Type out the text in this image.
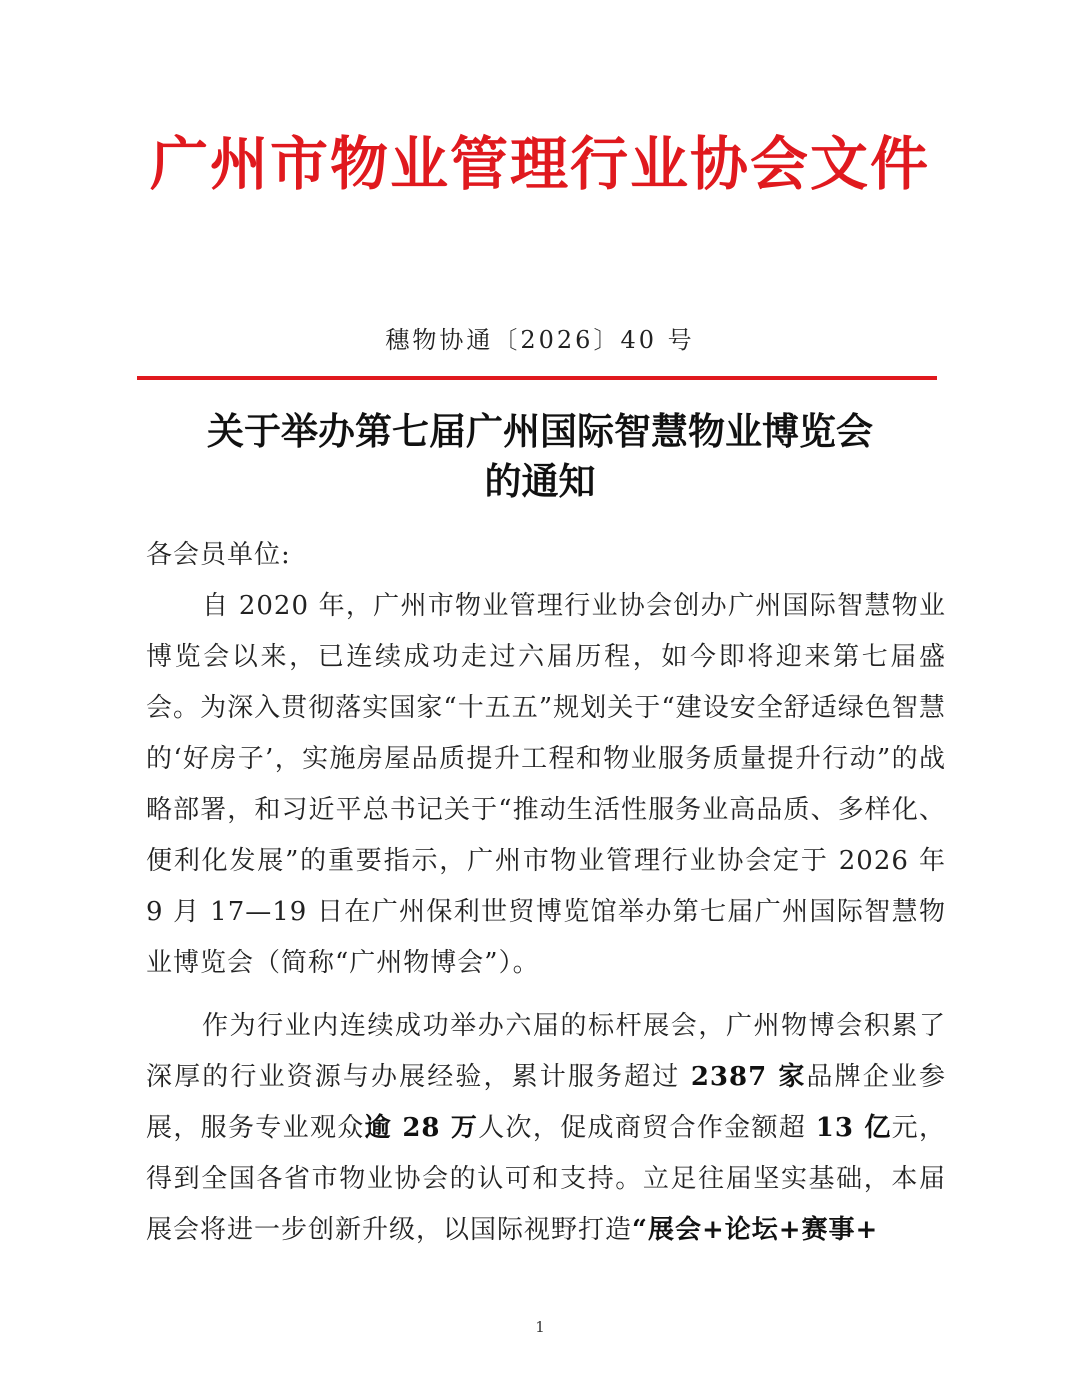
广州市物业管理行业协会文件
穗物协通〔2026〕40 号
关于举办第七届广州国际智慧物业博览会
的通知

各会员单位:

自 2020 年，广州市物业管理行业协会创办广州国际智慧物业博览会以来，已连续成功走过六届历程，如今即将迎来第七届盛会。为深入贯彻落实国家“十五五”规划关于“建设安全舒适绿色智慧的‘好房子’，实施房屋品质提升工程和物业服务质量提升行动”的战略部署，和习近平总书记关于“推动生活性服务业高品质、多样化、便利化发展”的重要指示，广州市物业管理行业协会定于 2026 年 9 月 17—19 日在广州保利世贸博览馆举办第七届广州国际智慧物业博览会（简称“广州物博会”）。

作为行业内连续成功举办六届的标杆展会，广州物博会积累了深厚的行业资源与办展经验，累计服务超过 2387 家品牌企业参展，服务专业观众逾 28 万人次，促成商贸合作金额超 13 亿元，得到全国各省市物业协会的认可和支持。立足往届坚实基础，本届展会将进一步创新升级，以国际视野打造“展会+论坛+赛事+

1
